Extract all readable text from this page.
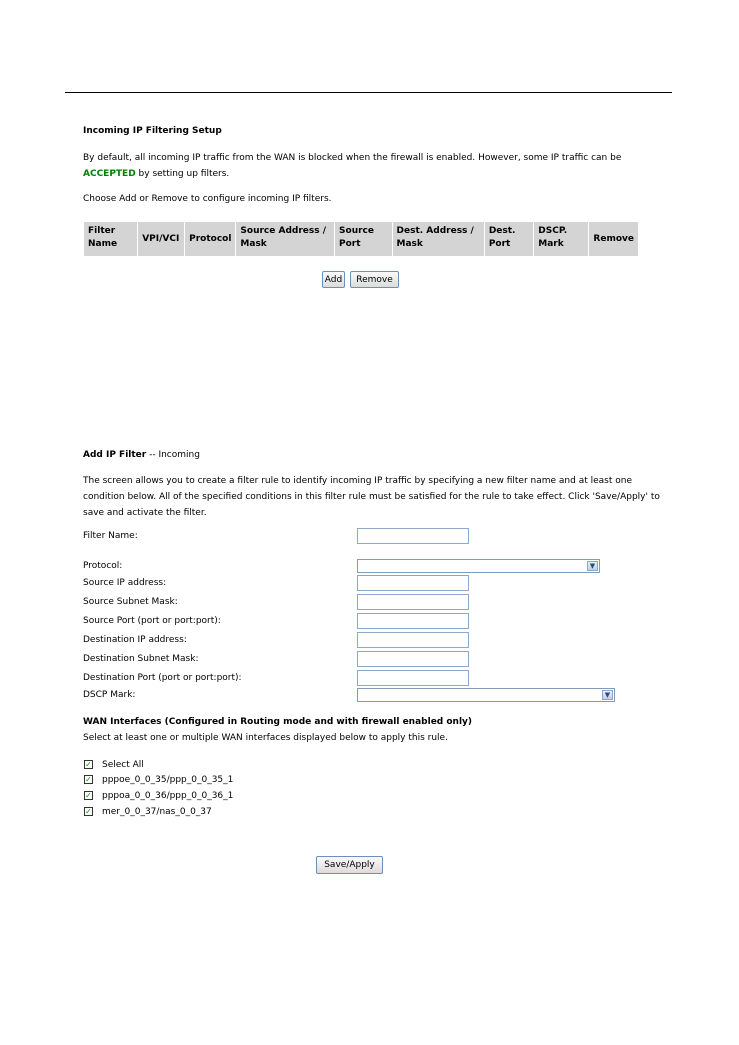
Incoming IP Filtering Setup
By default, all incoming IP traffic from the WAN is blocked when the firewall is enabled. However, some IP traffic can be
ACCEPTED by setting up filters.
Choose Add or Remove to configure incoming IP filters.
Filter Name	VPI/VCI	Protocol	Source Address / Mask	Source Port	Dest. Address / Mask	Dest. Port	DSCP. Mark	Remove
Add	Remove
Add IP Filter -- Incoming
The screen allows you to create a filter rule to identify incoming IP traffic by specifying a new filter name and at least one
condition below. All of the specified conditions in this filter rule must be satisfied for the rule to take effect. Click 'Save/Apply' to
save and activate the filter.
Filter Name:
Protocol:	▼
Source IP address:
Source Subnet Mask:
Source Port (port or port:port):
Destination IP address:
Destination Subnet Mask:
Destination Port (port or port:port):
DSCP Mark:	▼
WAN Interfaces (Configured in Routing mode and with firewall enabled only)
Select at least one or multiple WAN interfaces displayed below to apply this rule.
✓ Select All
✓ pppoe_0_0_35/ppp_0_0_35_1
✓ pppoa_0_0_36/ppp_0_0_36_1
✓ mer_0_0_37/nas_0_0_37
Save/Apply
